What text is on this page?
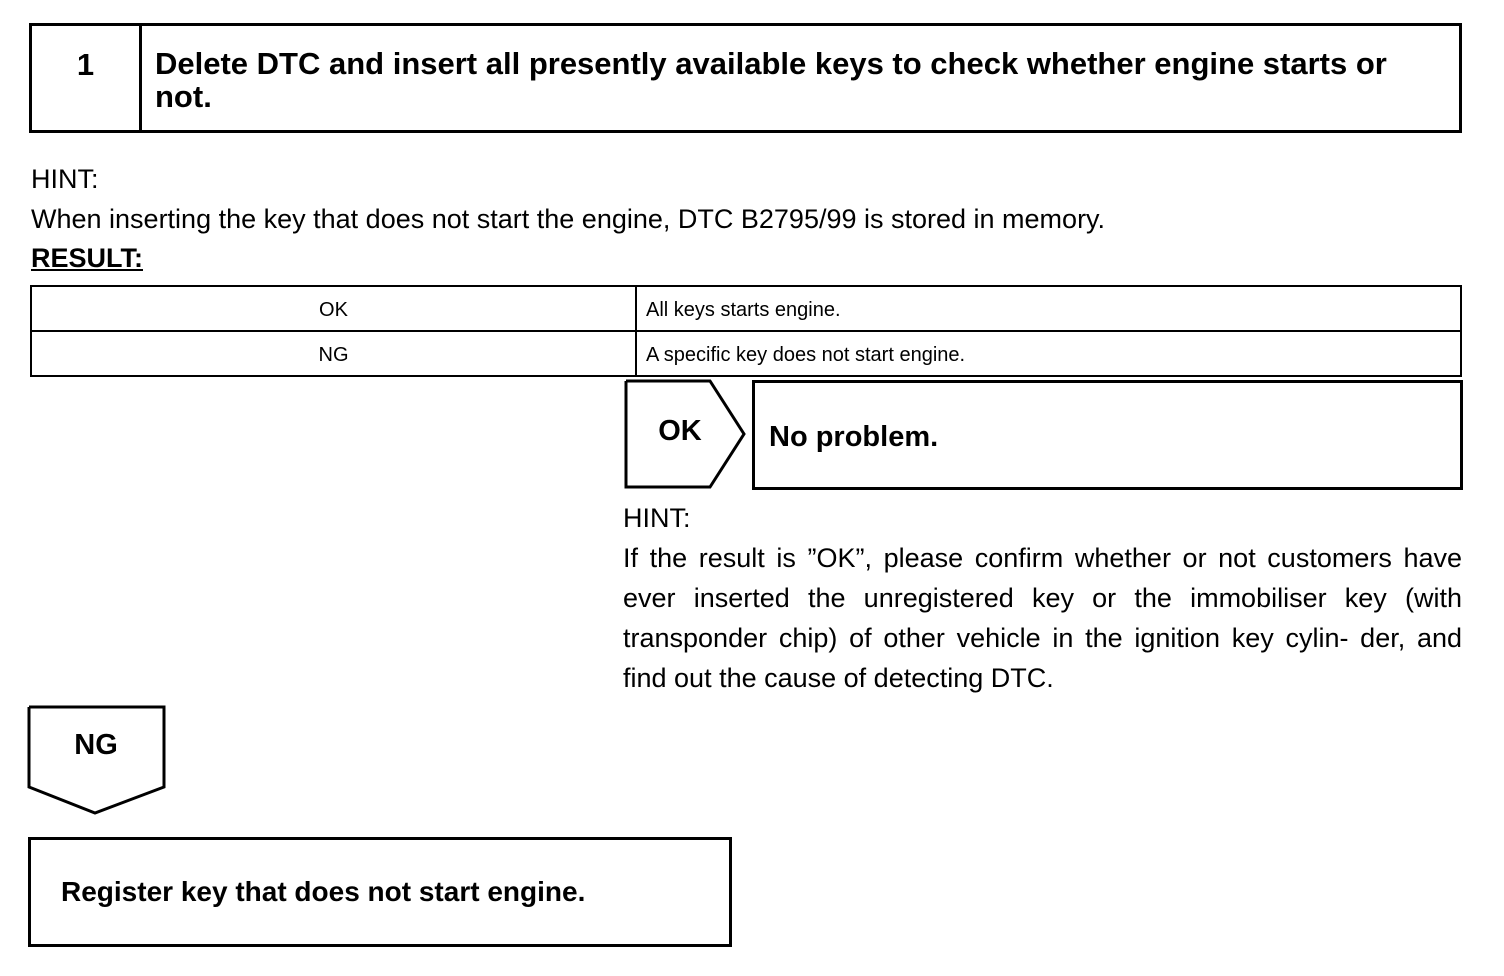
1	Delete DTC and insert all presently available keys to check whether engine starts or not.
HINT:
When inserting the key that does not start the engine, DTC B2795/99 is stored in memory.
RESULT:
OK	All keys starts engine.
NG	A specific key does not start engine.
OK	No problem.
HINT:
If the result is ”OK”, please confirm whether or not customers have ever inserted the unregistered key or the immobiliser key (with transponder chip) of other vehicle in the ignition key cylin- der, and find out the cause of detecting DTC.
NG
Register key that does not start engine.
